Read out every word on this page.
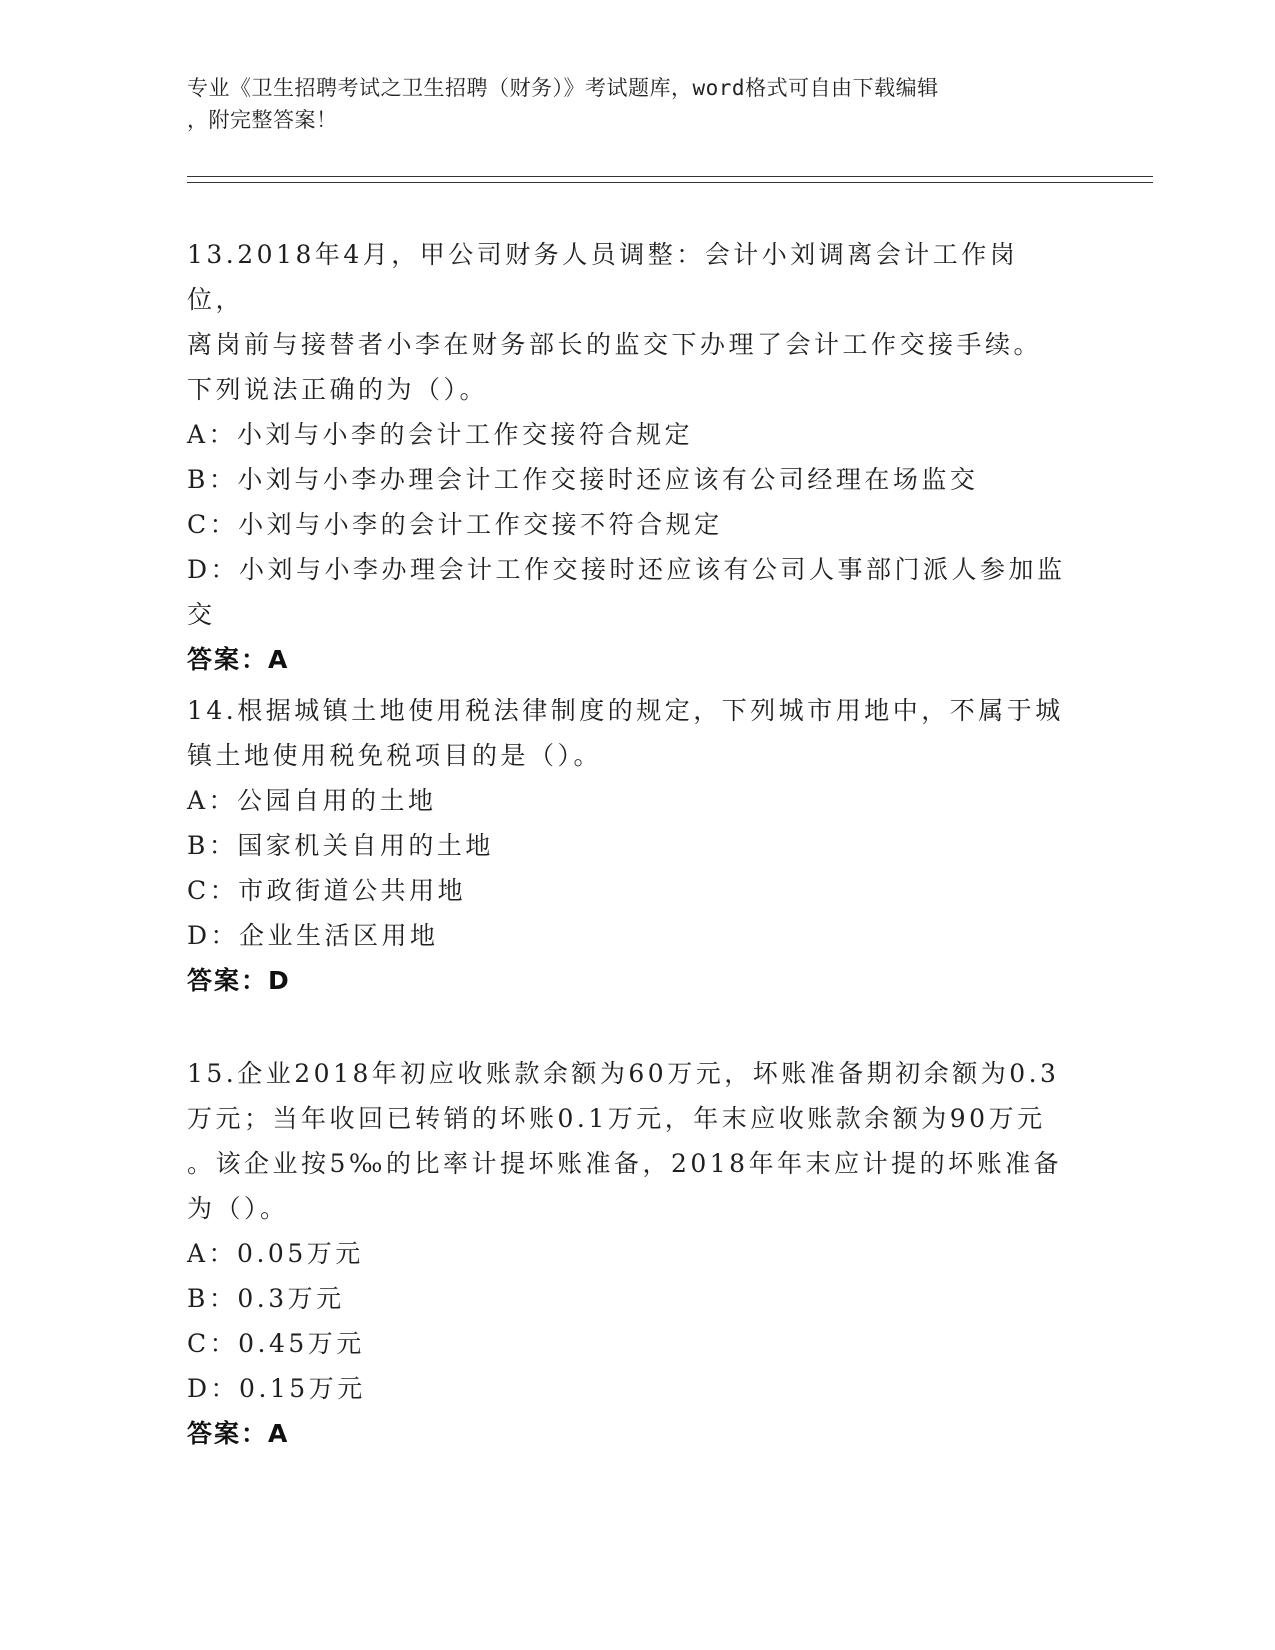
专业《卫生招聘考试之卫生招聘（财务）》考试题库，word格式可自由下载编辑
，附完整答案！

13.2018年4月，甲公司财务人员调整：会计小刘调离会计工作岗位，

离岗前与接替者小李在财务部长的监交下办理了会计工作交接手续。

下列说法正确的为（）。

A：小刘与小李的会计工作交接符合规定

B：小刘与小李办理会计工作交接时还应该有公司经理在场监交

C：小刘与小李的会计工作交接不符合规定

D：小刘与小李办理会计工作交接时还应该有公司人事部门派人参加监

交

答案：A

14.根据城镇土地使用税法律制度的规定，下列城市用地中，不属于城

镇土地使用税免税项目的是（）。

A：公园自用的土地

B：国家机关自用的土地

C：市政街道公共用地

D：企业生活区用地

答案：D

15.企业2018年初应收账款余额为60万元，坏账准备期初余额为0.3

万元；当年收回已转销的坏账0.1万元，年末应收账款余额为90万元

。该企业按5‰的比率计提坏账准备，2018年年末应计提的坏账准备

为（）。

A：0.05万元

B：0.3万元

C：0.45万元

D：0.15万元

答案：A
